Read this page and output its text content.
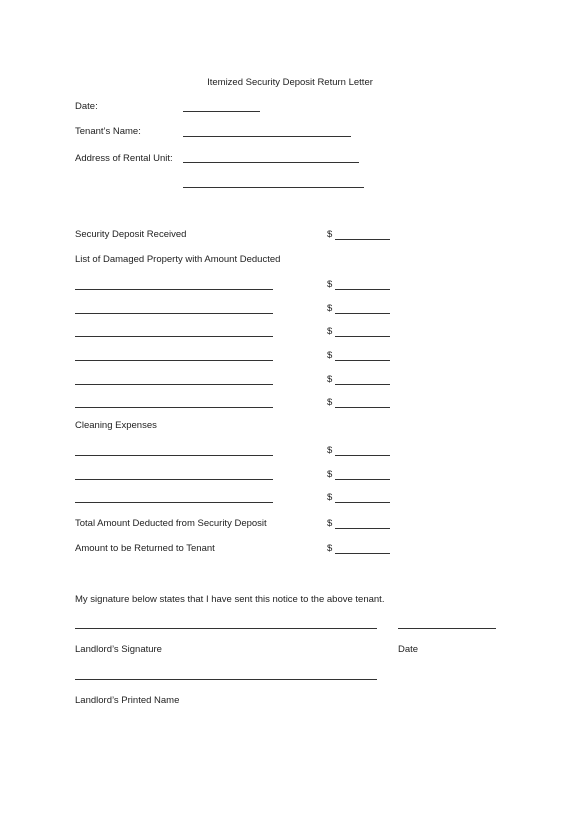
Itemized Security Deposit Return Letter
Date:
Tenant’s Name:
Address of Rental Unit:
Security Deposit Received	$
List of Damaged Property with Amount Deducted
$
$
$
$
$
$
Cleaning Expenses
$
$
$
Total Amount Deducted from Security Deposit	$
Amount to be Returned to Tenant	$
My signature below states that I have sent this notice to the above tenant.
Landlord’s Signature	Date
Landlord’s Printed Name
